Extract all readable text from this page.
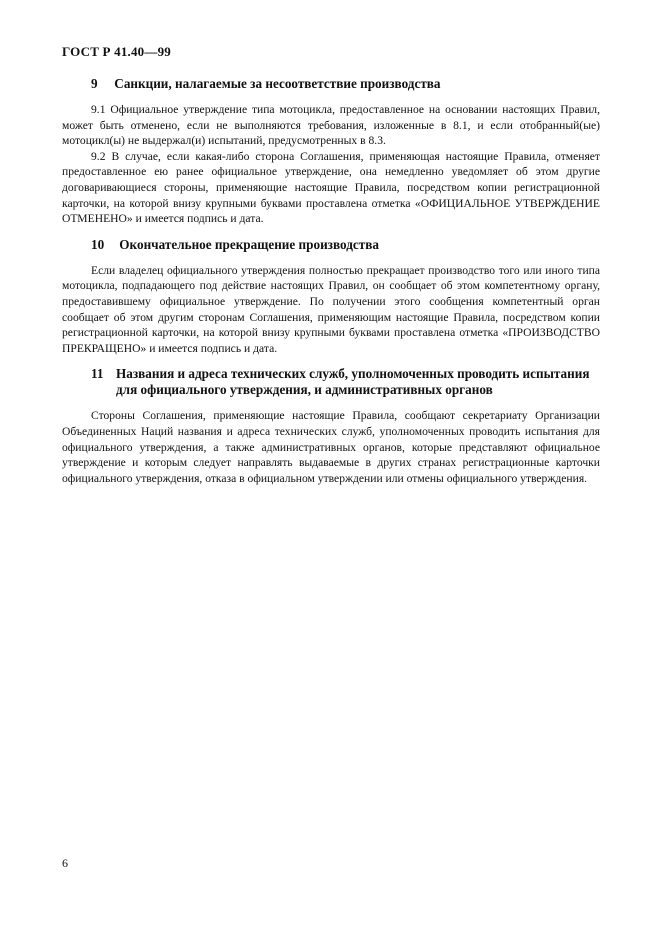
ГОСТ Р 41.40—99
9 Санкции, налагаемые за несоответствие производства

9.1 Официальное утверждение типа мотоцикла, предоставленное на основании настоящих Правил, может быть отменено, если не выполняются требования, изложенные в 8.1, и если отобранный(ые) мотоцикл(ы) не выдержал(и) испытаний, предусмотренных в 8.3.

9.2 В случае, если какая-либо сторона Соглашения, применяющая настоящие Правила, отменяет предоставленное ею ранее официальное утверждение, она немедленно уведомляет об этом другие договаривающиеся стороны, применяющие настоящие Правила, посредством копии регистрационной карточки, на которой внизу крупными буквами проставлена отметка «ОФИЦИАЛЬНОЕ УТВЕРЖДЕНИЕ ОТМЕНЕНО» и имеется подпись и дата.

10 Окончательное прекращение производства

Если владелец официального утверждения полностью прекращает производство того или иного типа мотоцикла, подпадающего под действие настоящих Правил, он сообщает об этом компетентному органу, предоставившему официальное утверждение. По получении этого сообщения компетентный орган сообщает об этом другим сторонам Соглашения, применяющим настоящие Правила, посредством копии регистрационной карточки, на которой внизу крупными буквами проставлена отметка «ПРОИЗВОДСТВО ПРЕКРАЩЕНО» и имеется подпись и дата.

11 Названия и адреса технических служб, уполномоченных проводить испытания для официального утверждения, и административных органов

Стороны Соглашения, применяющие настоящие Правила, сообщают секретариату Организации Объединенных Наций названия и адреса технических служб, уполномоченных проводить испытания для официального утверждения, а также административных органов, которые представляют официальное утверждение и которым следует направлять выдаваемые в других странах регистрационные карточки официального утверждения, отказа в официальном утверждении или отмены официального утверждения.

6
